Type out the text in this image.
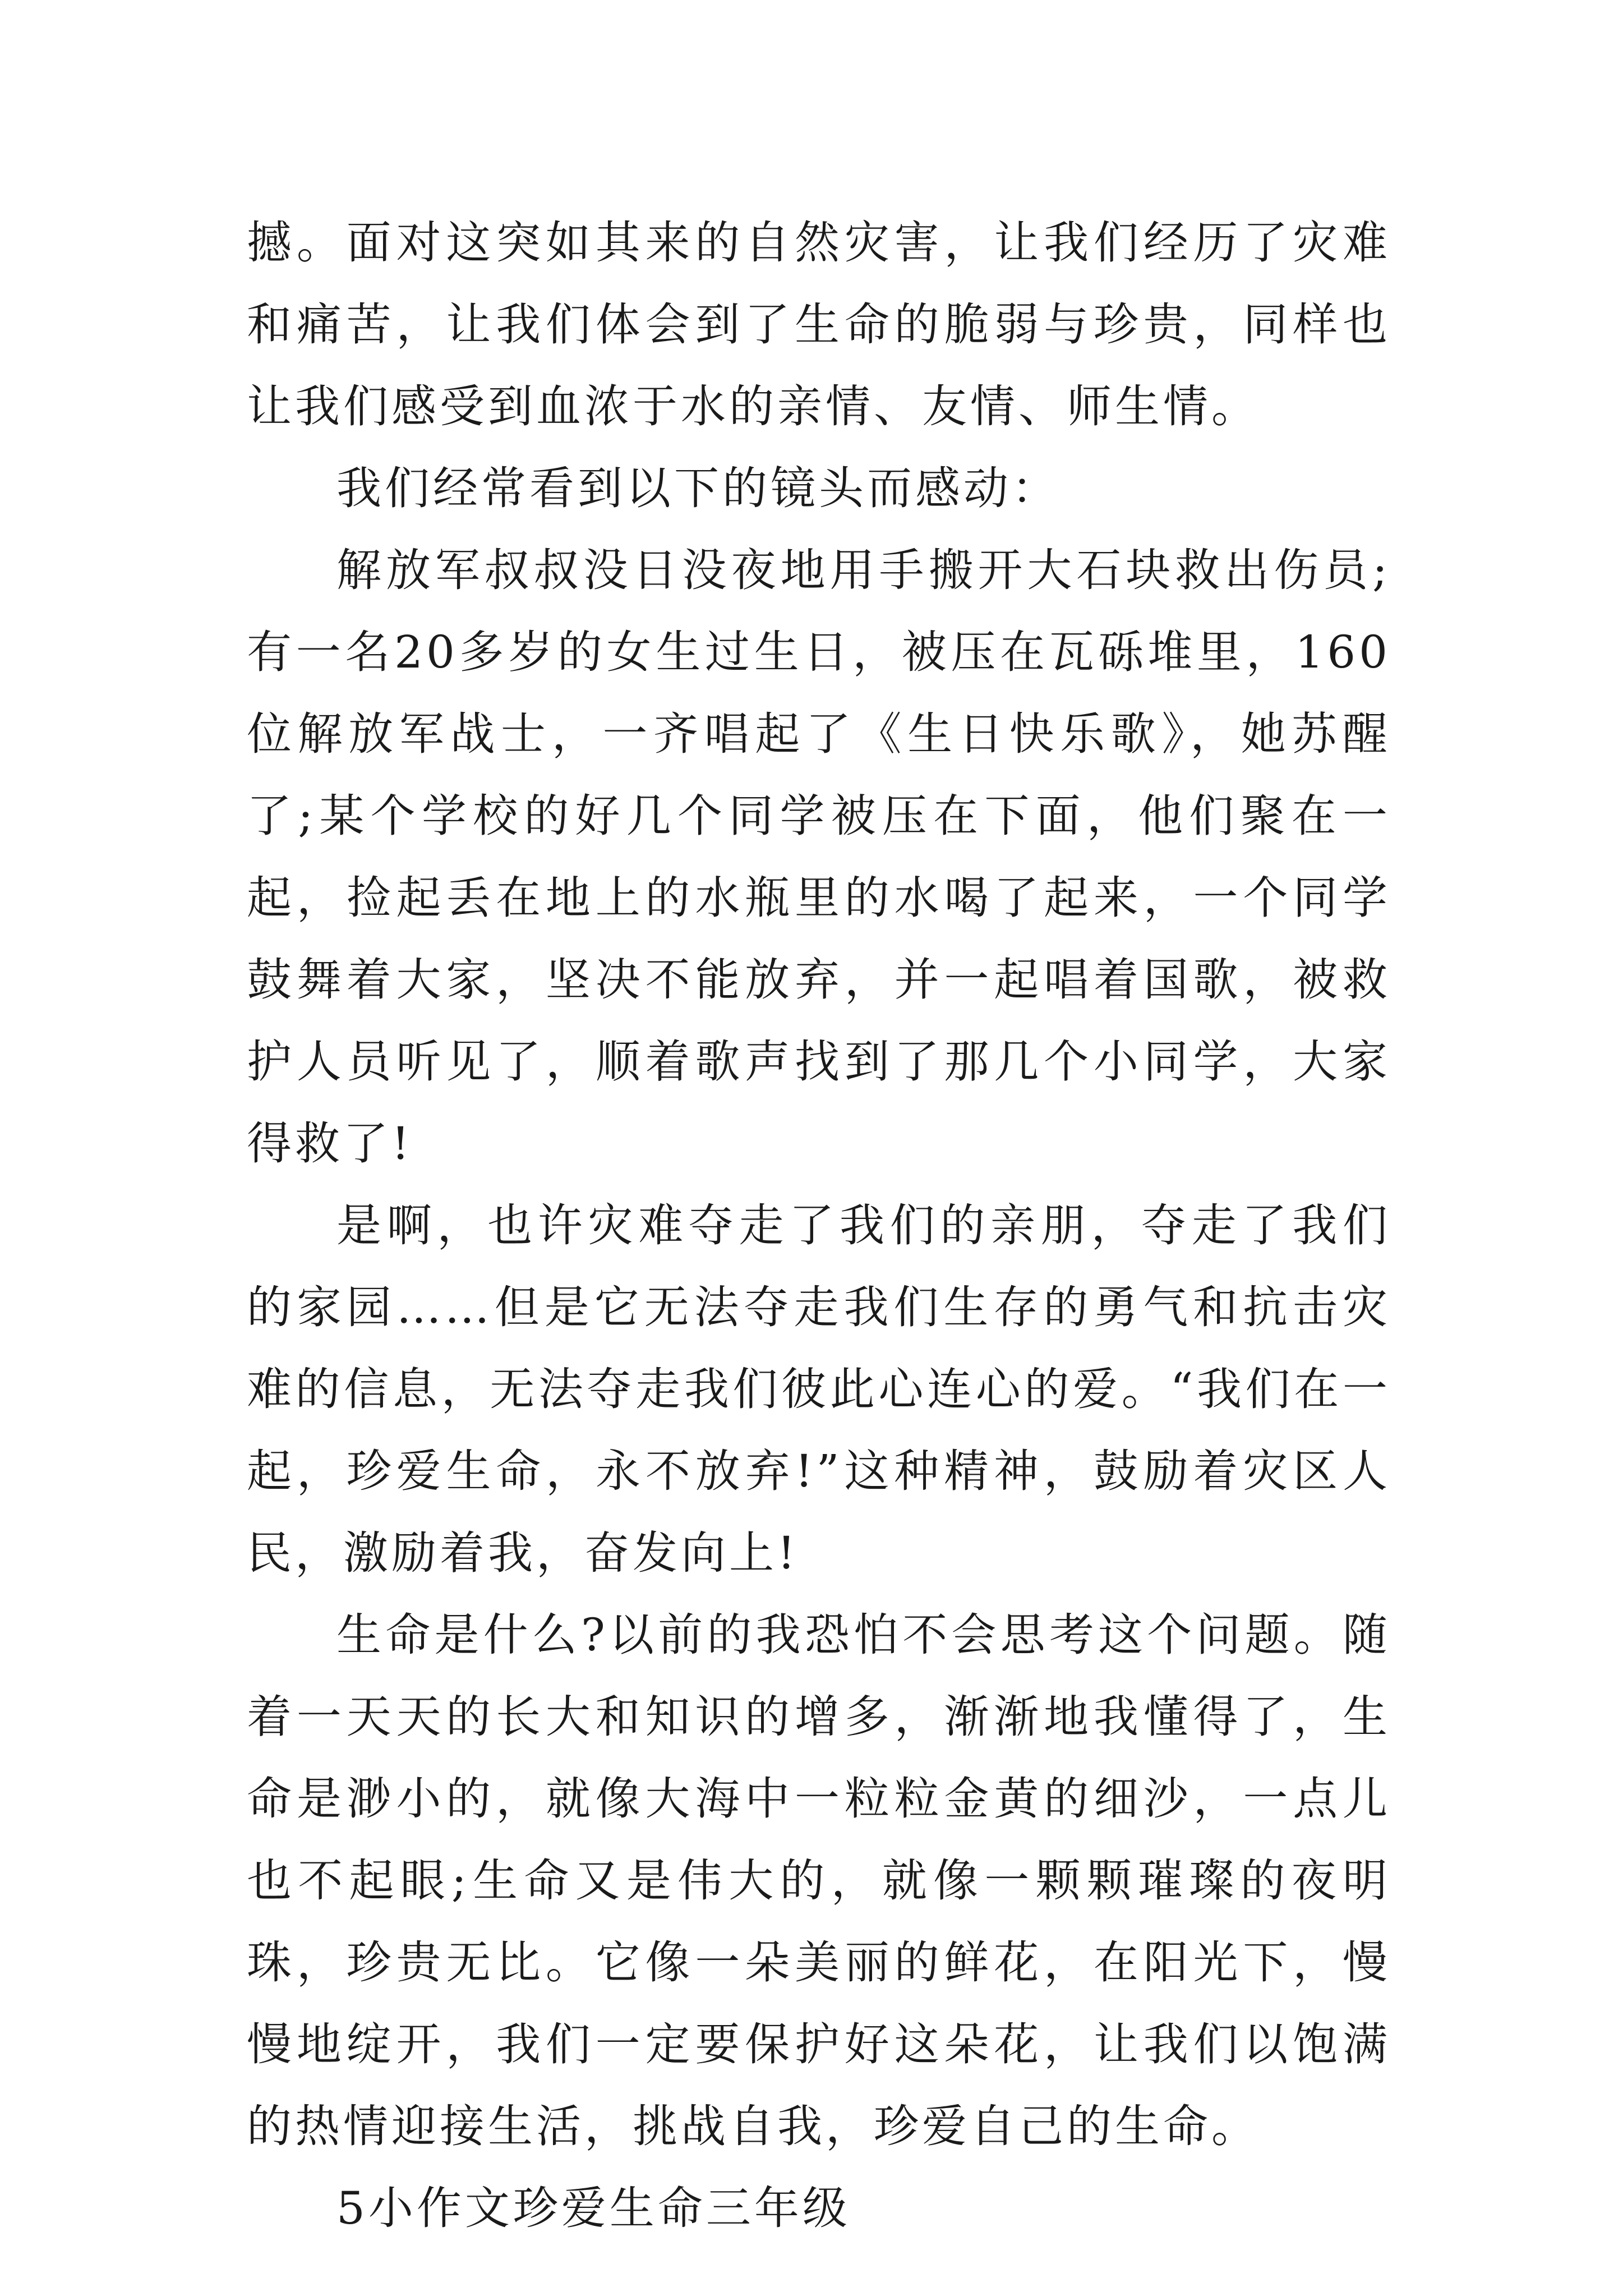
撼。面对这突如其来的自然灾害，让我们经历了灾难和痛苦，让我们体会到了生命的脆弱与珍贵，同样也让我们感受到血浓于水的亲情、友情、师生情。

我们经常看到以下的镜头而感动：

解放军叔叔没日没夜地用手搬开大石块救出伤员;有一名20多岁的女生过生日，被压在瓦砾堆里，160位解放军战士，一齐唱起了《生日快乐歌》，她苏醒了;某个学校的好几个同学被压在下面，他们聚在一起，捡起丢在地上的水瓶里的水喝了起来，一个同学鼓舞着大家，坚决不能放弃，并一起唱着国歌，被救护人员听见了，顺着歌声找到了那几个小同学，大家得救了!

是啊，也许灾难夺走了我们的亲朋，夺走了我们的家园……但是它无法夺走我们生存的勇气和抗击灾难的信息，无法夺走我们彼此心连心的爱。“我们在一起，珍爱生命，永不放弃!”这种精神，鼓励着灾区人民，激励着我，奋发向上!

生命是什么?以前的我恐怕不会思考这个问题。随着一天天的长大和知识的增多，渐渐地我懂得了，生命是渺小的，就像大海中一粒粒金黄的细沙，一点儿也不起眼;生命又是伟大的，就像一颗颗璀璨的夜明珠，珍贵无比。它像一朵美丽的鲜花，在阳光下，慢慢地绽开，我们一定要保护好这朵花，让我们以饱满的热情迎接生活，挑战自我，珍爱自己的生命。

5小作文珍爱生命三年级
